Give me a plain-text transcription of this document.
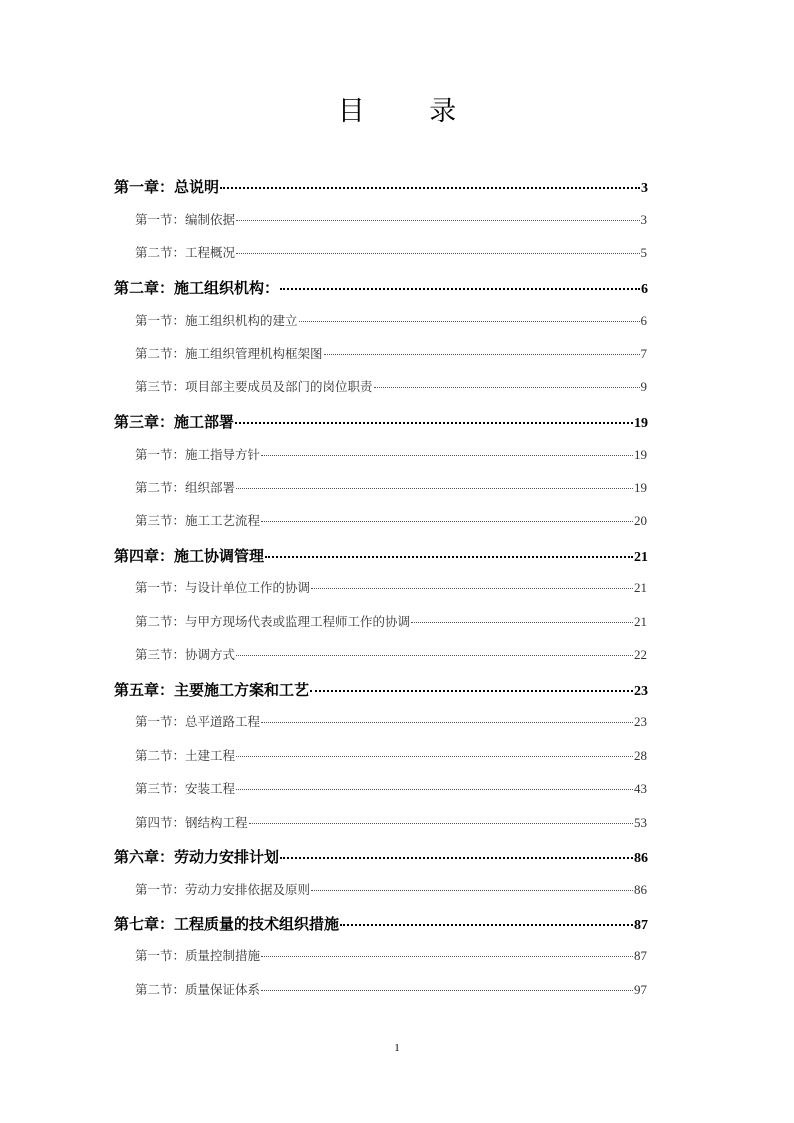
目 录
第一章：总说明	3
第一节：编制依据	3
第二节：工程概况	5
第二章：施工组织机构：	6
第一节：施工组织机构的建立	6
第二节：施工组织管理机构框架图	7
第三节：项目部主要成员及部门的岗位职责	9
第三章：施工部署	19
第一节：施工指导方针	19
第二节：组织部署	19
第三节：施工工艺流程	20
第四章：施工协调管理	21
第一节：与设计单位工作的协调	21
第二节：与甲方现场代表或监理工程师工作的协调	21
第三节：协调方式	22
第五章：主要施工方案和工艺	23
第一节：总平道路工程	23
第二节：土建工程	28
第三节：安装工程	43
第四节：钢结构工程	53
第六章：劳动力安排计划	86
第一节：劳动力安排依据及原则	86
第七章：工程质量的技术组织措施	87
第一节：质量控制措施	87
第二节：质量保证体系	97
1
